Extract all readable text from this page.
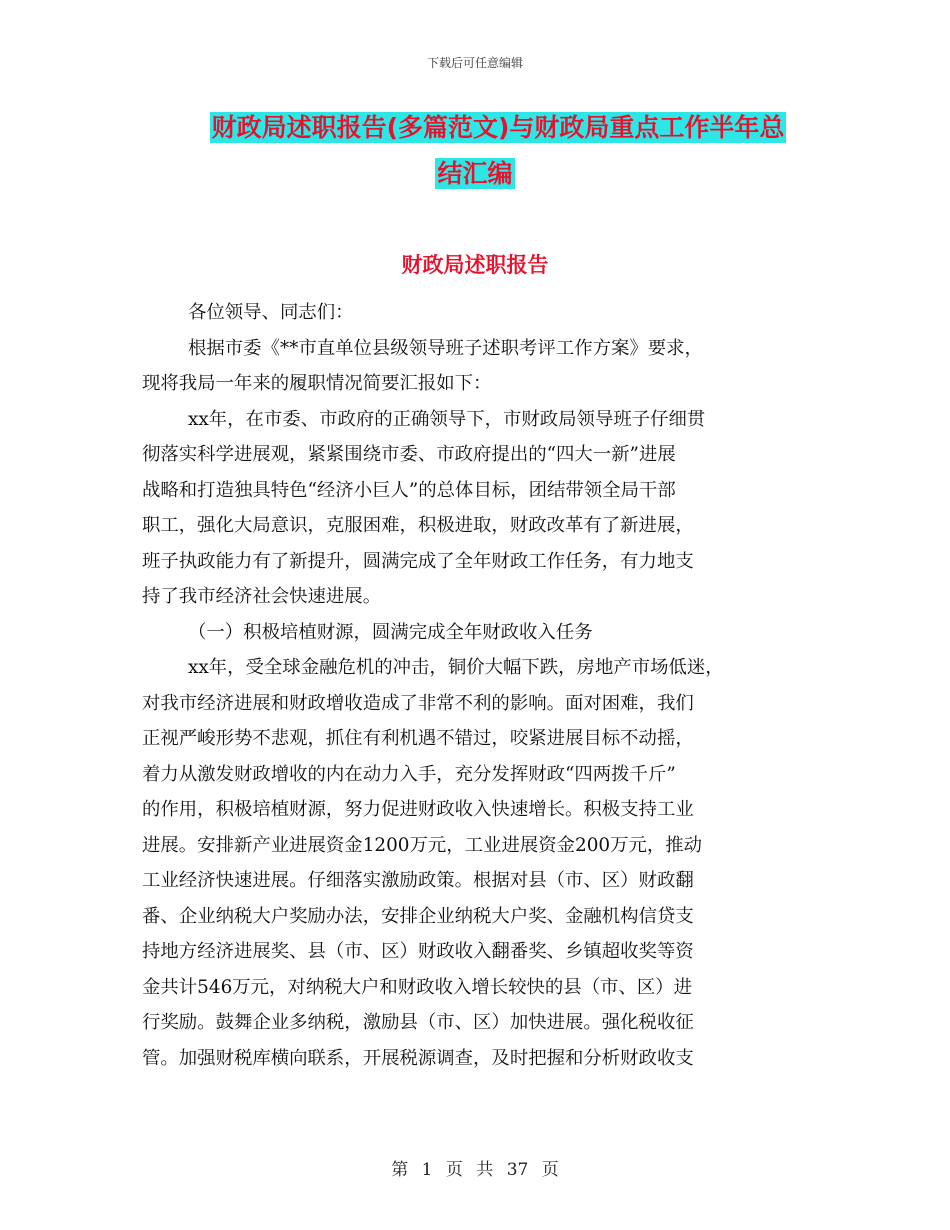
下载后可任意编辑
财政局述职报告(多篇范文)与财政局重点工作半年总
结汇编
财政局述职报告
各位领导、同志们：
根据市委《**市直单位县级领导班子述职考评工作方案》要求，
现将我局一年来的履职情况简要汇报如下：
xx年，在市委、市政府的正确领导下，市财政局领导班子仔细贯
彻落实科学进展观，紧紧围绕市委、市政府提出的“四大一新”进展
战略和打造独具特色“经济小巨人”的总体目标，团结带领全局干部
职工，强化大局意识，克服困难，积极进取，财政改革有了新进展，
班子执政能力有了新提升，圆满完成了全年财政工作任务，有力地支
持了我市经济社会快速进展。
（一）积极培植财源，圆满完成全年财政收入任务
xx年，受全球金融危机的冲击，铜价大幅下跌，房地产市场低迷，
对我市经济进展和财政增收造成了非常不利的影响。面对困难，我们
正视严峻形势不悲观，抓住有利机遇不错过，咬紧进展目标不动摇，
着力从激发财政增收的内在动力入手，充分发挥财政“四两拨千斤”
的作用，积极培植财源，努力促进财政收入快速增长。积极支持工业
进展。安排新产业进展资金1200万元，工业进展资金200万元，推动
工业经济快速进展。仔细落实激励政策。根据对县（市、区）财政翻
番、企业纳税大户奖励办法，安排企业纳税大户奖、金融机构信贷支
持地方经济进展奖、县（市、区）财政收入翻番奖、乡镇超收奖等资
金共计546万元，对纳税大户和财政收入增长较快的县（市、区）进
行奖励。鼓舞企业多纳税，激励县（市、区）加快进展。强化税收征
管。加强财税库横向联系，开展税源调查，及时把握和分析财政收支
第 1 页 共 37 页
